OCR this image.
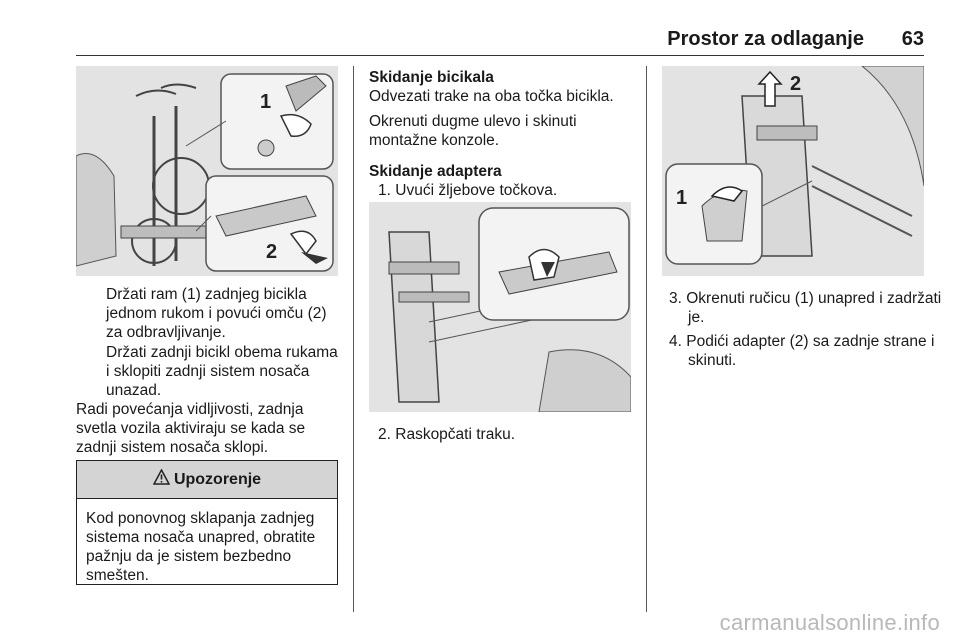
Prostor za odlaganje 63
1
2

Držati ram (1) zadnjeg bicikla jednom rukom i povući omču (2) za odbravljivanje.

Držati zadnji bicikl obema rukama i sklopiti zadnji sistem nosača unazad.

Radi povećanja vidljivosti, zadnja svetla vozila aktiviraju se kada se zadnji sistem nosača sklopi.

Upozorenje
Kod ponovnog sklapanja zadnjeg sistema nosača unapred, obratite pažnju da je sistem bezbedno smešten.

Skidanje bicikala

Odvezati trake na oba točka bicikla.

Okrenuti dugme ulevo i skinuti montažne konzole.

Skidanje adaptera

1. Uvući žljebove točkova.
2. Raskopčati traku.
2
1
3. Okrenuti ručicu (1) unapred i zadržati je.
4. Podići adapter (2) sa zadnje strane i skinuti.
carmanualsonline.info
